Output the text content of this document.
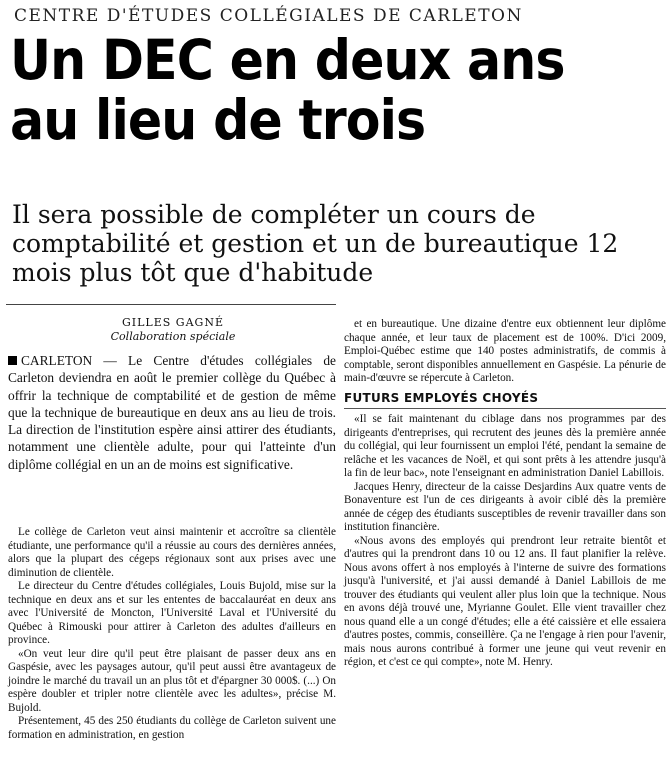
CENTRE D'ÉTUDES COLLÉGIALES DE CARLETON
Un DEC en deux ans au lieu de trois
Il sera possible de compléter un cours de comptabilité et gestion et un de bureautique 12 mois plus tôt que d'habitude
GILLES GAGNÉ
Collaboration spéciale

CARLETON — Le Centre d'études collégiales de Carleton deviendra en août le premier collège du Québec à offrir la technique de comptabilité et de gestion de même que la technique de bureautique en deux ans au lieu de trois. La direction de l'institution espère ainsi attirer des étudiants, notamment une clientèle adulte, pour qui l'atteinte d'un diplôme collégial en un an de moins est significative.

Le collège de Carleton veut ainsi maintenir et accroître sa clientèle étudiante, une performance qu'il a réussie au cours des dernières années, alors que la plupart des cégeps régionaux sont aux prises avec une diminution de clientèle.

Le directeur du Centre d'études collégiales, Louis Bujold, mise sur la technique en deux ans et sur les ententes de baccalauréat en deux ans avec l'Université de Moncton, l'Université Laval et l'Université du Québec à Rimouski pour attirer à Carleton des adultes d'ailleurs en province.

«On veut leur dire qu'il peut être plaisant de passer deux ans en Gaspésie, avec les paysages autour, qu'il peut aussi être avantageux de joindre le marché du travail un an plus tôt et d'épargner 30 000$. (...) On espère doubler et tripler notre clientèle avec les adultes», précise M. Bujold.

Présentement, 45 des 250 étudiants du collège de Carleton suivent une formation en administration, en gestion

et en bureautique. Une dizaine d'entre eux obtiennent leur diplôme chaque année, et leur taux de placement est de 100%. D'ici 2009, Emploi-Québec estime que 140 postes administratifs, de commis à comptable, seront disponibles annuellement en Gaspésie. La pénurie de main-d'œuvre se répercute à Carleton.

FUTURS EMPLOYÉS CHOYÉS

«Il se fait maintenant du ciblage dans nos programmes par des dirigeants d'entreprises, qui recrutent des jeunes dès la première année du collégial, qui leur fournissent un emploi l'été, pendant la semaine de relâche et les vacances de Noël, et qui sont prêts à les attendre jusqu'à la fin de leur bac», note l'enseignant en administration Daniel Labillois.

Jacques Henry, directeur de la caisse Desjardins Aux quatre vents de Bonaventure est l'un de ces dirigeants à avoir ciblé dès la première année de cégep des étudiants susceptibles de revenir travailler dans son institution financière.

«Nous avons des employés qui prendront leur retraite bientôt et d'autres qui la prendront dans 10 ou 12 ans. Il faut planifier la relève. Nous avons offert à nos employés à l'interne de suivre des formations jusqu'à l'université, et j'ai aussi demandé à Daniel Labillois de me trouver des étudiants qui veulent aller plus loin que la technique. Nous en avons déjà trouvé une, Myrianne Goulet. Elle vient travailler chez nous quand elle a un congé d'études; elle a été caissière et elle essaiera d'autres postes, commis, conseillère. Ça ne l'engage à rien pour l'avenir, mais nous aurons contribué à former une jeune qui veut revenir en région, et c'est ce qui compte», note M. Henry.
